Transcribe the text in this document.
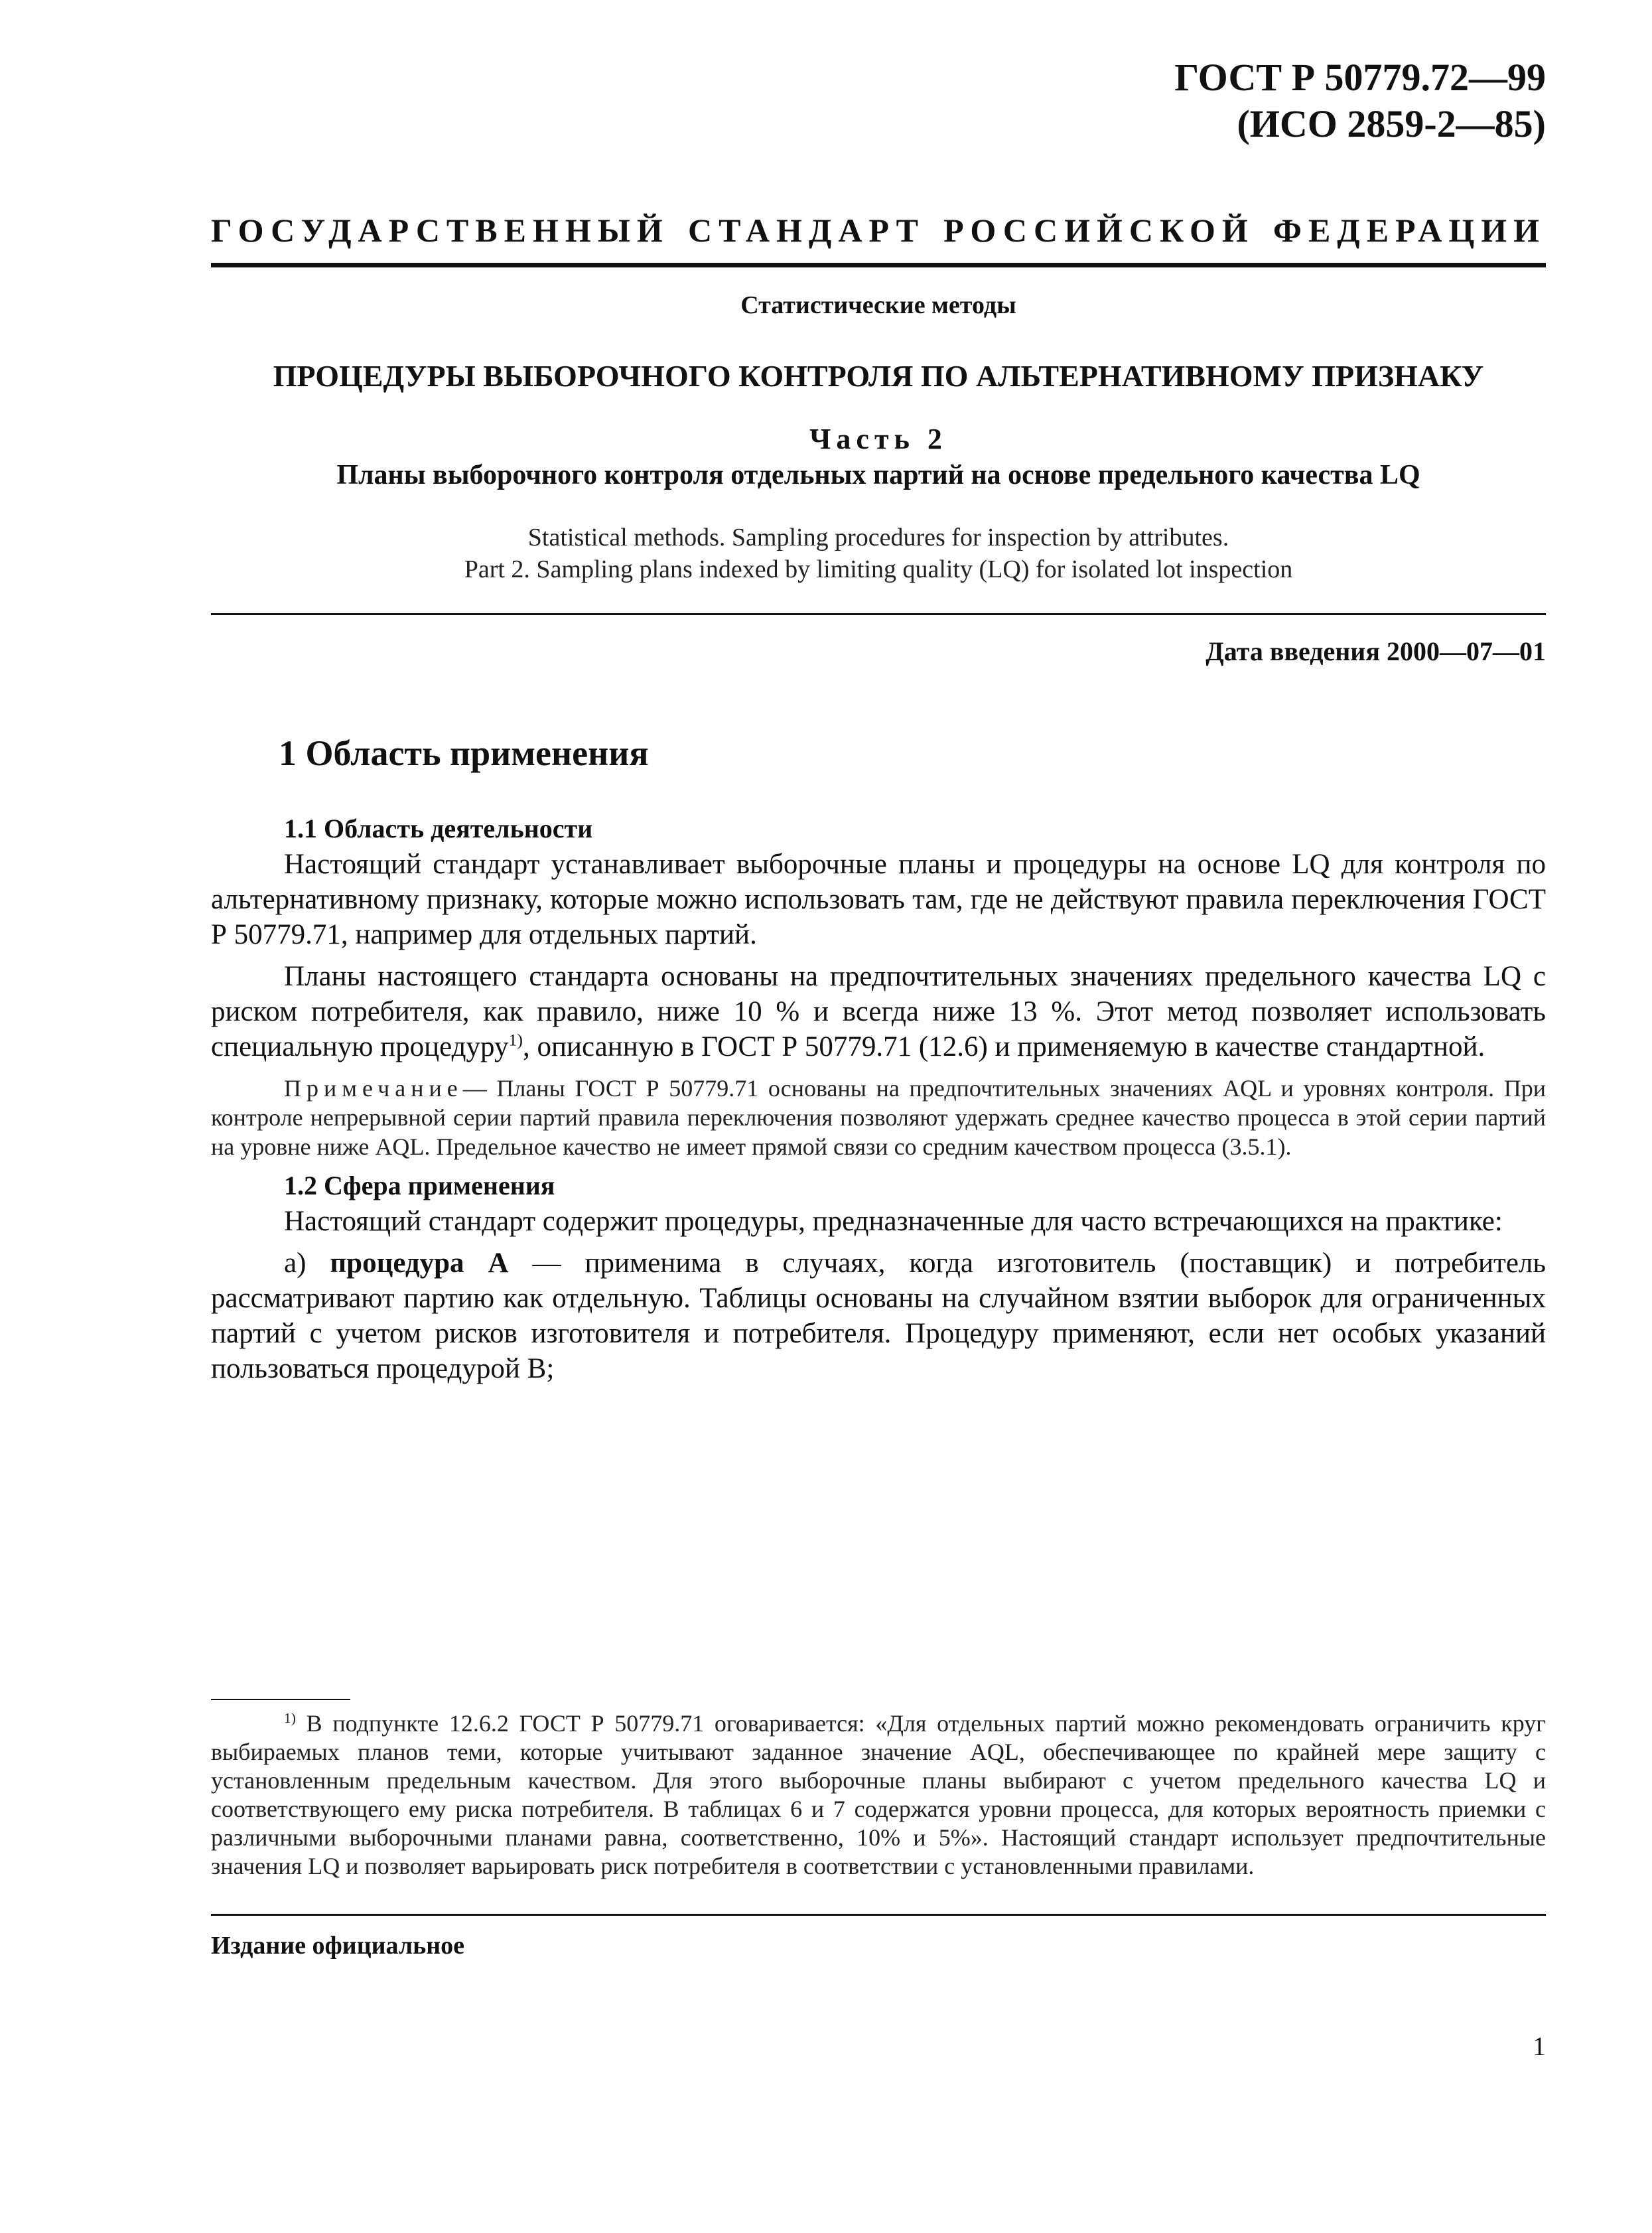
ГОСТ Р 50779.72—99
(ИСО 2859-2—85)
ГОСУДАРСТВЕННЫЙ СТАНДАРТ РОССИЙСКОЙ ФЕДЕРАЦИИ
Статистические методы
ПРОЦЕДУРЫ ВЫБОРОЧНОГО КОНТРОЛЯ ПО АЛЬТЕРНАТИВНОМУ ПРИЗНАКУ
Часть 2
Планы выборочного контроля отдельных партий на основе предельного качества LQ
Statistical methods. Sampling procedures for inspection by attributes.
Part 2. Sampling plans indexed by limiting quality (LQ) for isolated lot inspection
Дата введения 2000—07—01
1 Область применения

1.1 Область деятельности

Настоящий стандарт устанавливает выборочные планы и процедуры на основе LQ для контроля по альтернативному признаку, которые можно использовать там, где не действуют правила переключения ГОСТ Р 50779.71, например для отдельных партий.

Планы настоящего стандарта основаны на предпочтительных значениях предельного качества LQ с риском потребителя, как правило, ниже 10 % и всегда ниже 13 %. Этот метод позволяет использовать специальную процедуру$^{1)}$, описанную в ГОСТ Р 50779.71 (12.6) и применяемую в качестве стандартной.

Примечание— Планы ГОСТ Р 50779.71 основаны на предпочтительных значениях AQL и уровнях контроля. При контроле непрерывной серии партий правила переключения позволяют удержать среднее качество процесса в этой серии партий на уровне ниже AQL. Предельное качество не имеет прямой связи со средним качеством процесса (3.5.1).

1.2 Сфера применения

Настоящий стандарт содержит процедуры, предназначенные для часто встречающихся на практике:

а) процедура А — применима в случаях, когда изготовитель (поставщик) и потребитель рассматривают партию как отдельную. Таблицы основаны на случайном взятии выборок для ограниченных партий с учетом рисков изготовителя и потребителя. Процедуру применяют, если нет особых указаний пользоваться процедурой В;

$^{1)}$ В подпункте 12.6.2 ГОСТ Р 50779.71 оговаривается: «Для отдельных партий можно рекомендовать ограничить круг выбираемых планов теми, которые учитывают заданное значение AQL, обеспечивающее по крайней мере защиту с установленным предельным качеством. Для этого выборочные планы выбирают с учетом предельного качества LQ и соответствующего ему риска потребителя. В таблицах 6 и 7 содержатся уровни процесса, для которых вероятность приемки с различными выборочными планами равна, соответственно, 10% и 5%». Настоящий стандарт использует предпочтительные значения LQ и позволяет варьировать риск потребителя в соответствии с установленными правилами.
Издание официальное
1
